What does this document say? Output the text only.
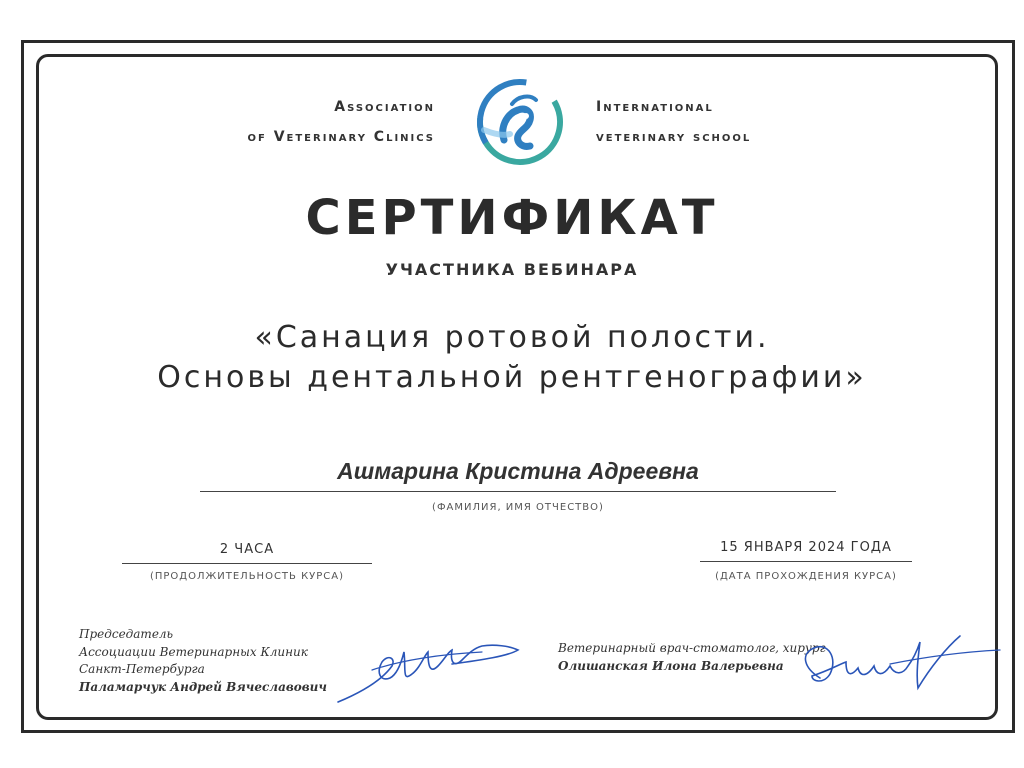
Association
of Veterinary Clinics
International
veterinary school
СЕРТИФИКАТ
УЧАСТНИКА ВЕБИНАРА
«Санация ротовой полости.
Основы дентальной рентгенографии»
Ашмарина Кристина Адреевна
(ФАМИЛИЯ, ИМЯ ОТЧЕСТВО)
2 ЧАСА
(ПРОДОЛЖИТЕЛЬНОСТЬ КУРСА)
15 ЯНВАРЯ 2024 ГОДА
(ДАТА ПРОХОЖДЕНИЯ КУРСА)
Председатель
Ассоциации Ветеринарных Клиник
Санкт-Петербурга
Паламарчук Андрей Вячеславович
Ветеринарный врач-стоматолог, хирург
Олишанская Илона Валерьевна
